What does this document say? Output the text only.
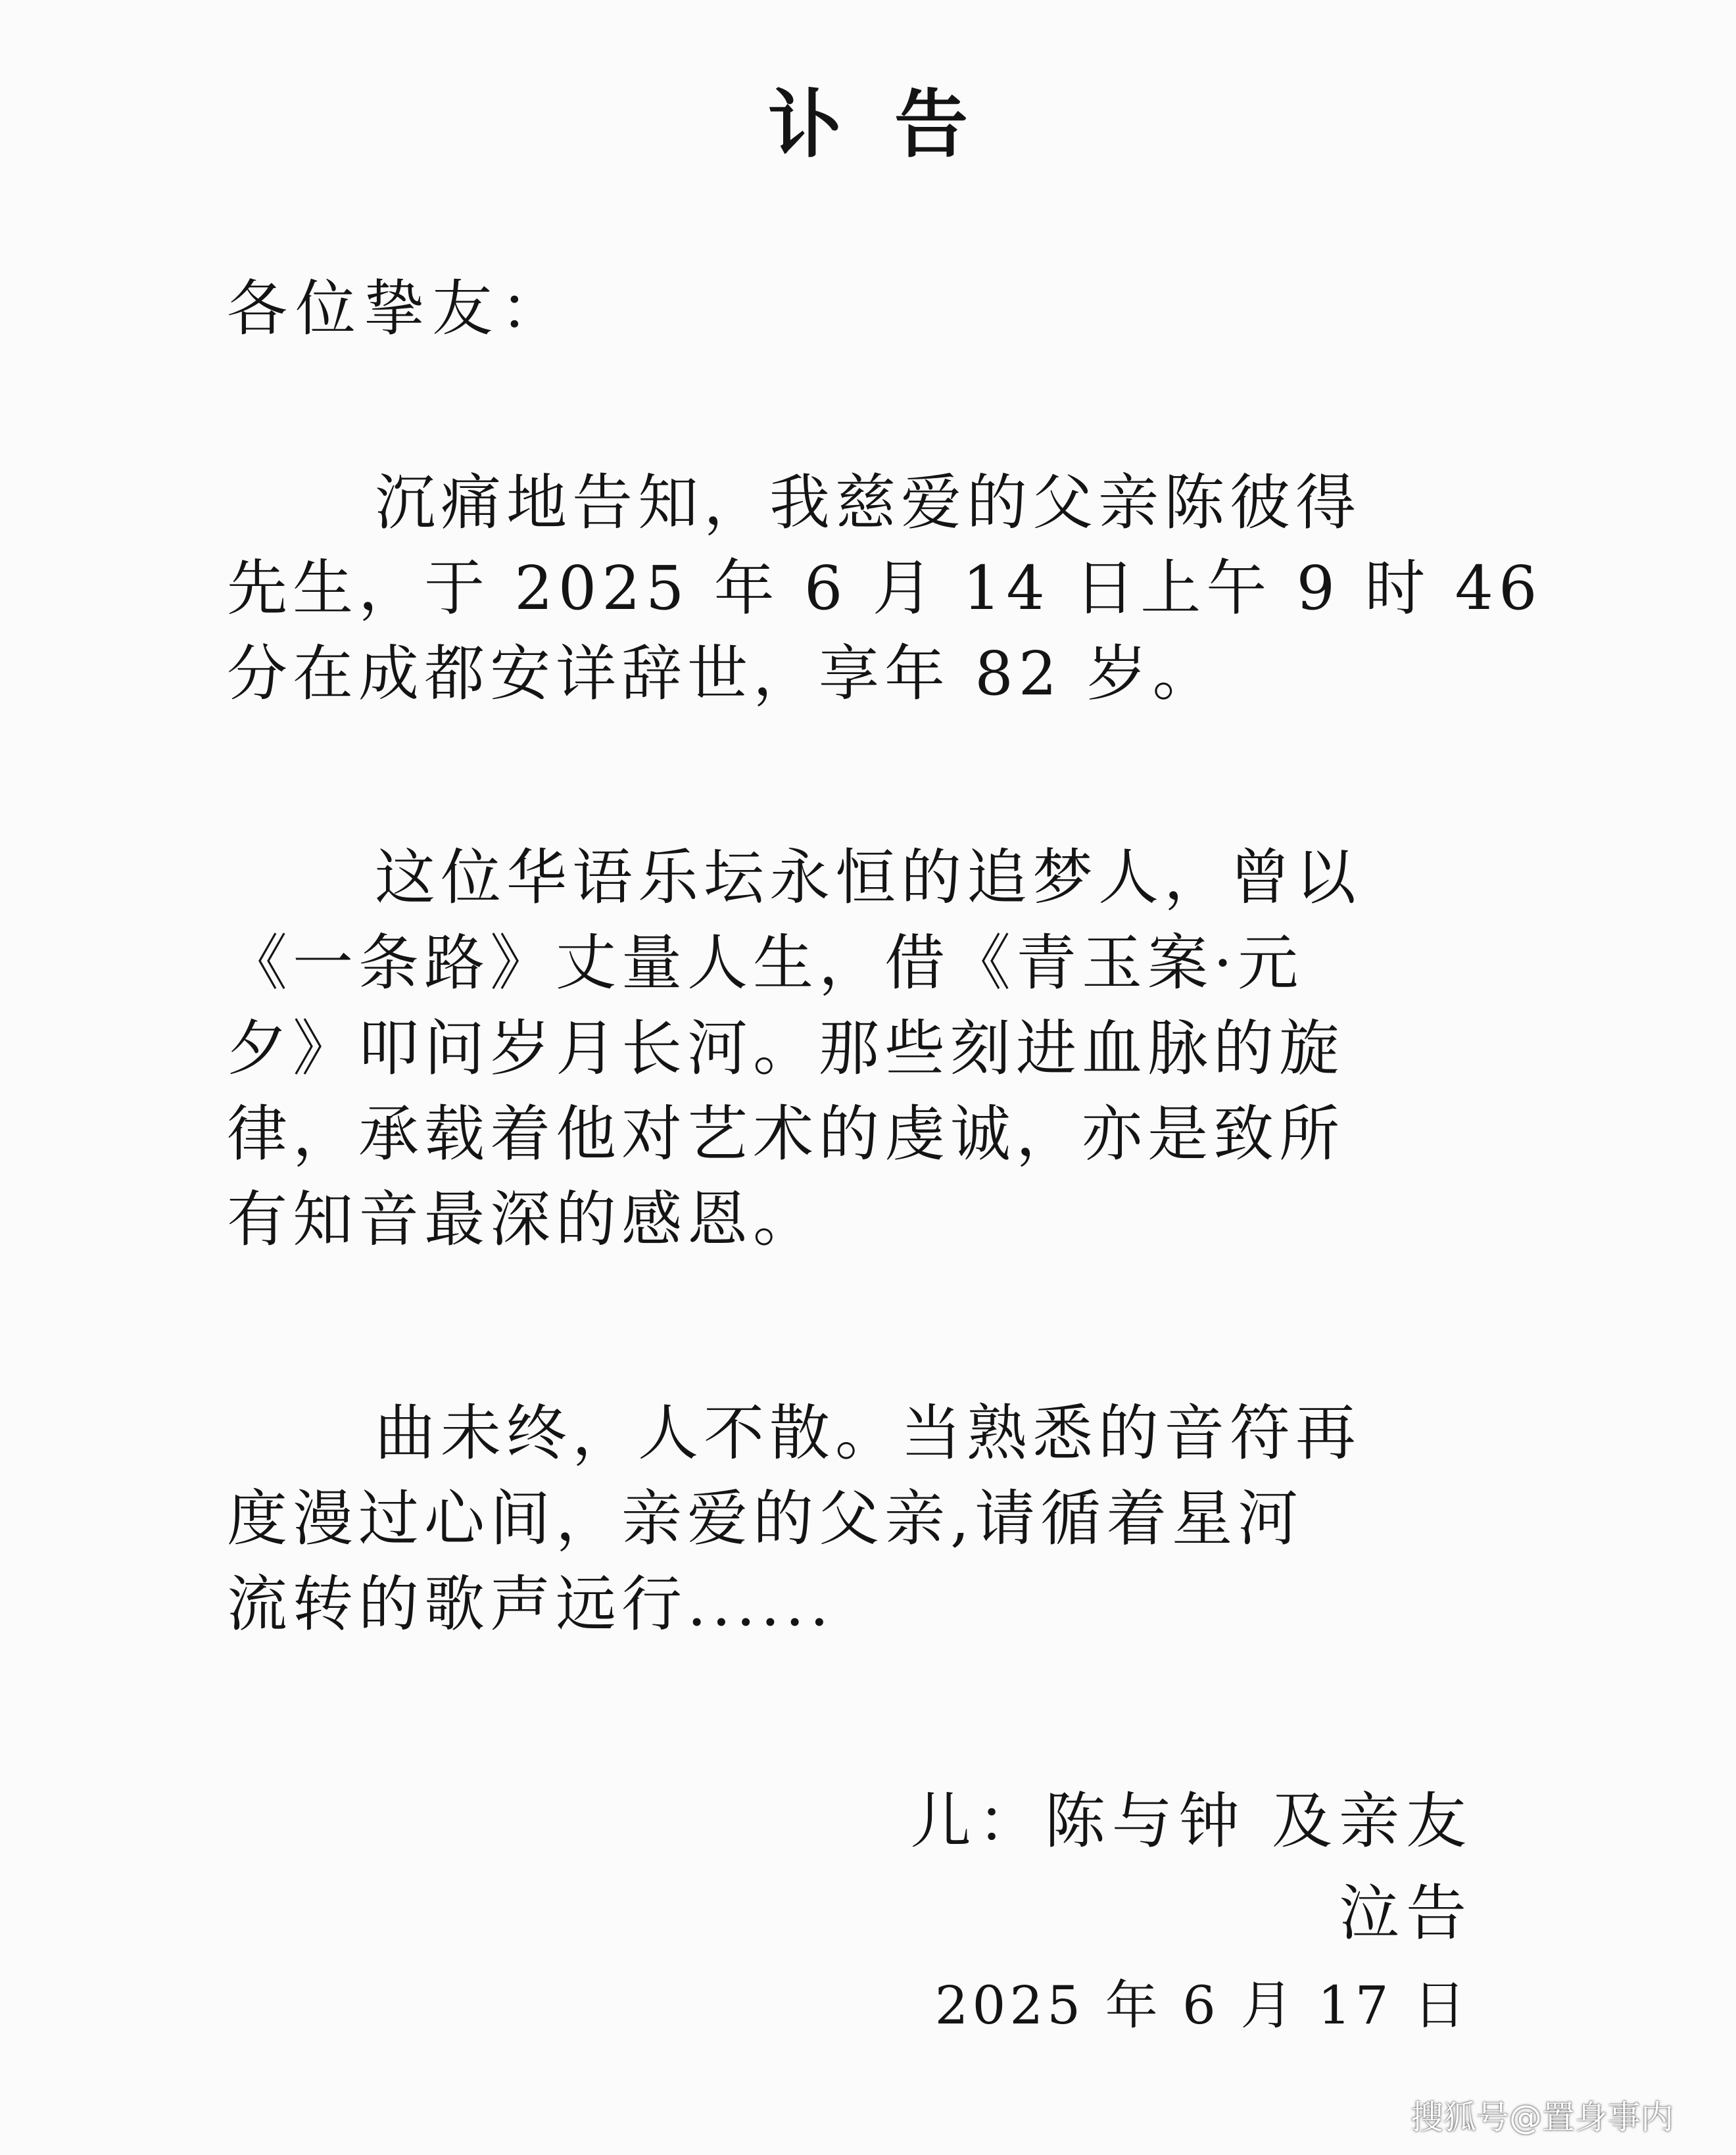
讣告
各位挚友：
沉痛地告知，我慈爱的父亲陈彼得
先生，于 2025 年 6 月 14 日上午 9 时 46
分在成都安详辞世，享年 82 岁。
这位华语乐坛永恒的追梦人，曾以
《一条路》丈量人生，借《青玉案·元
夕》叩问岁月长河。那些刻进血脉的旋
律，承载着他对艺术的虔诚，亦是致所
有知音最深的感恩。
曲未终，人不散。当熟悉的音符再
度漫过心间，亲爱的父亲,请循着星河
流转的歌声远行......
儿：陈与钟 及亲友
泣告
2025 年 6 月 17 日
搜狐号@置身事内
